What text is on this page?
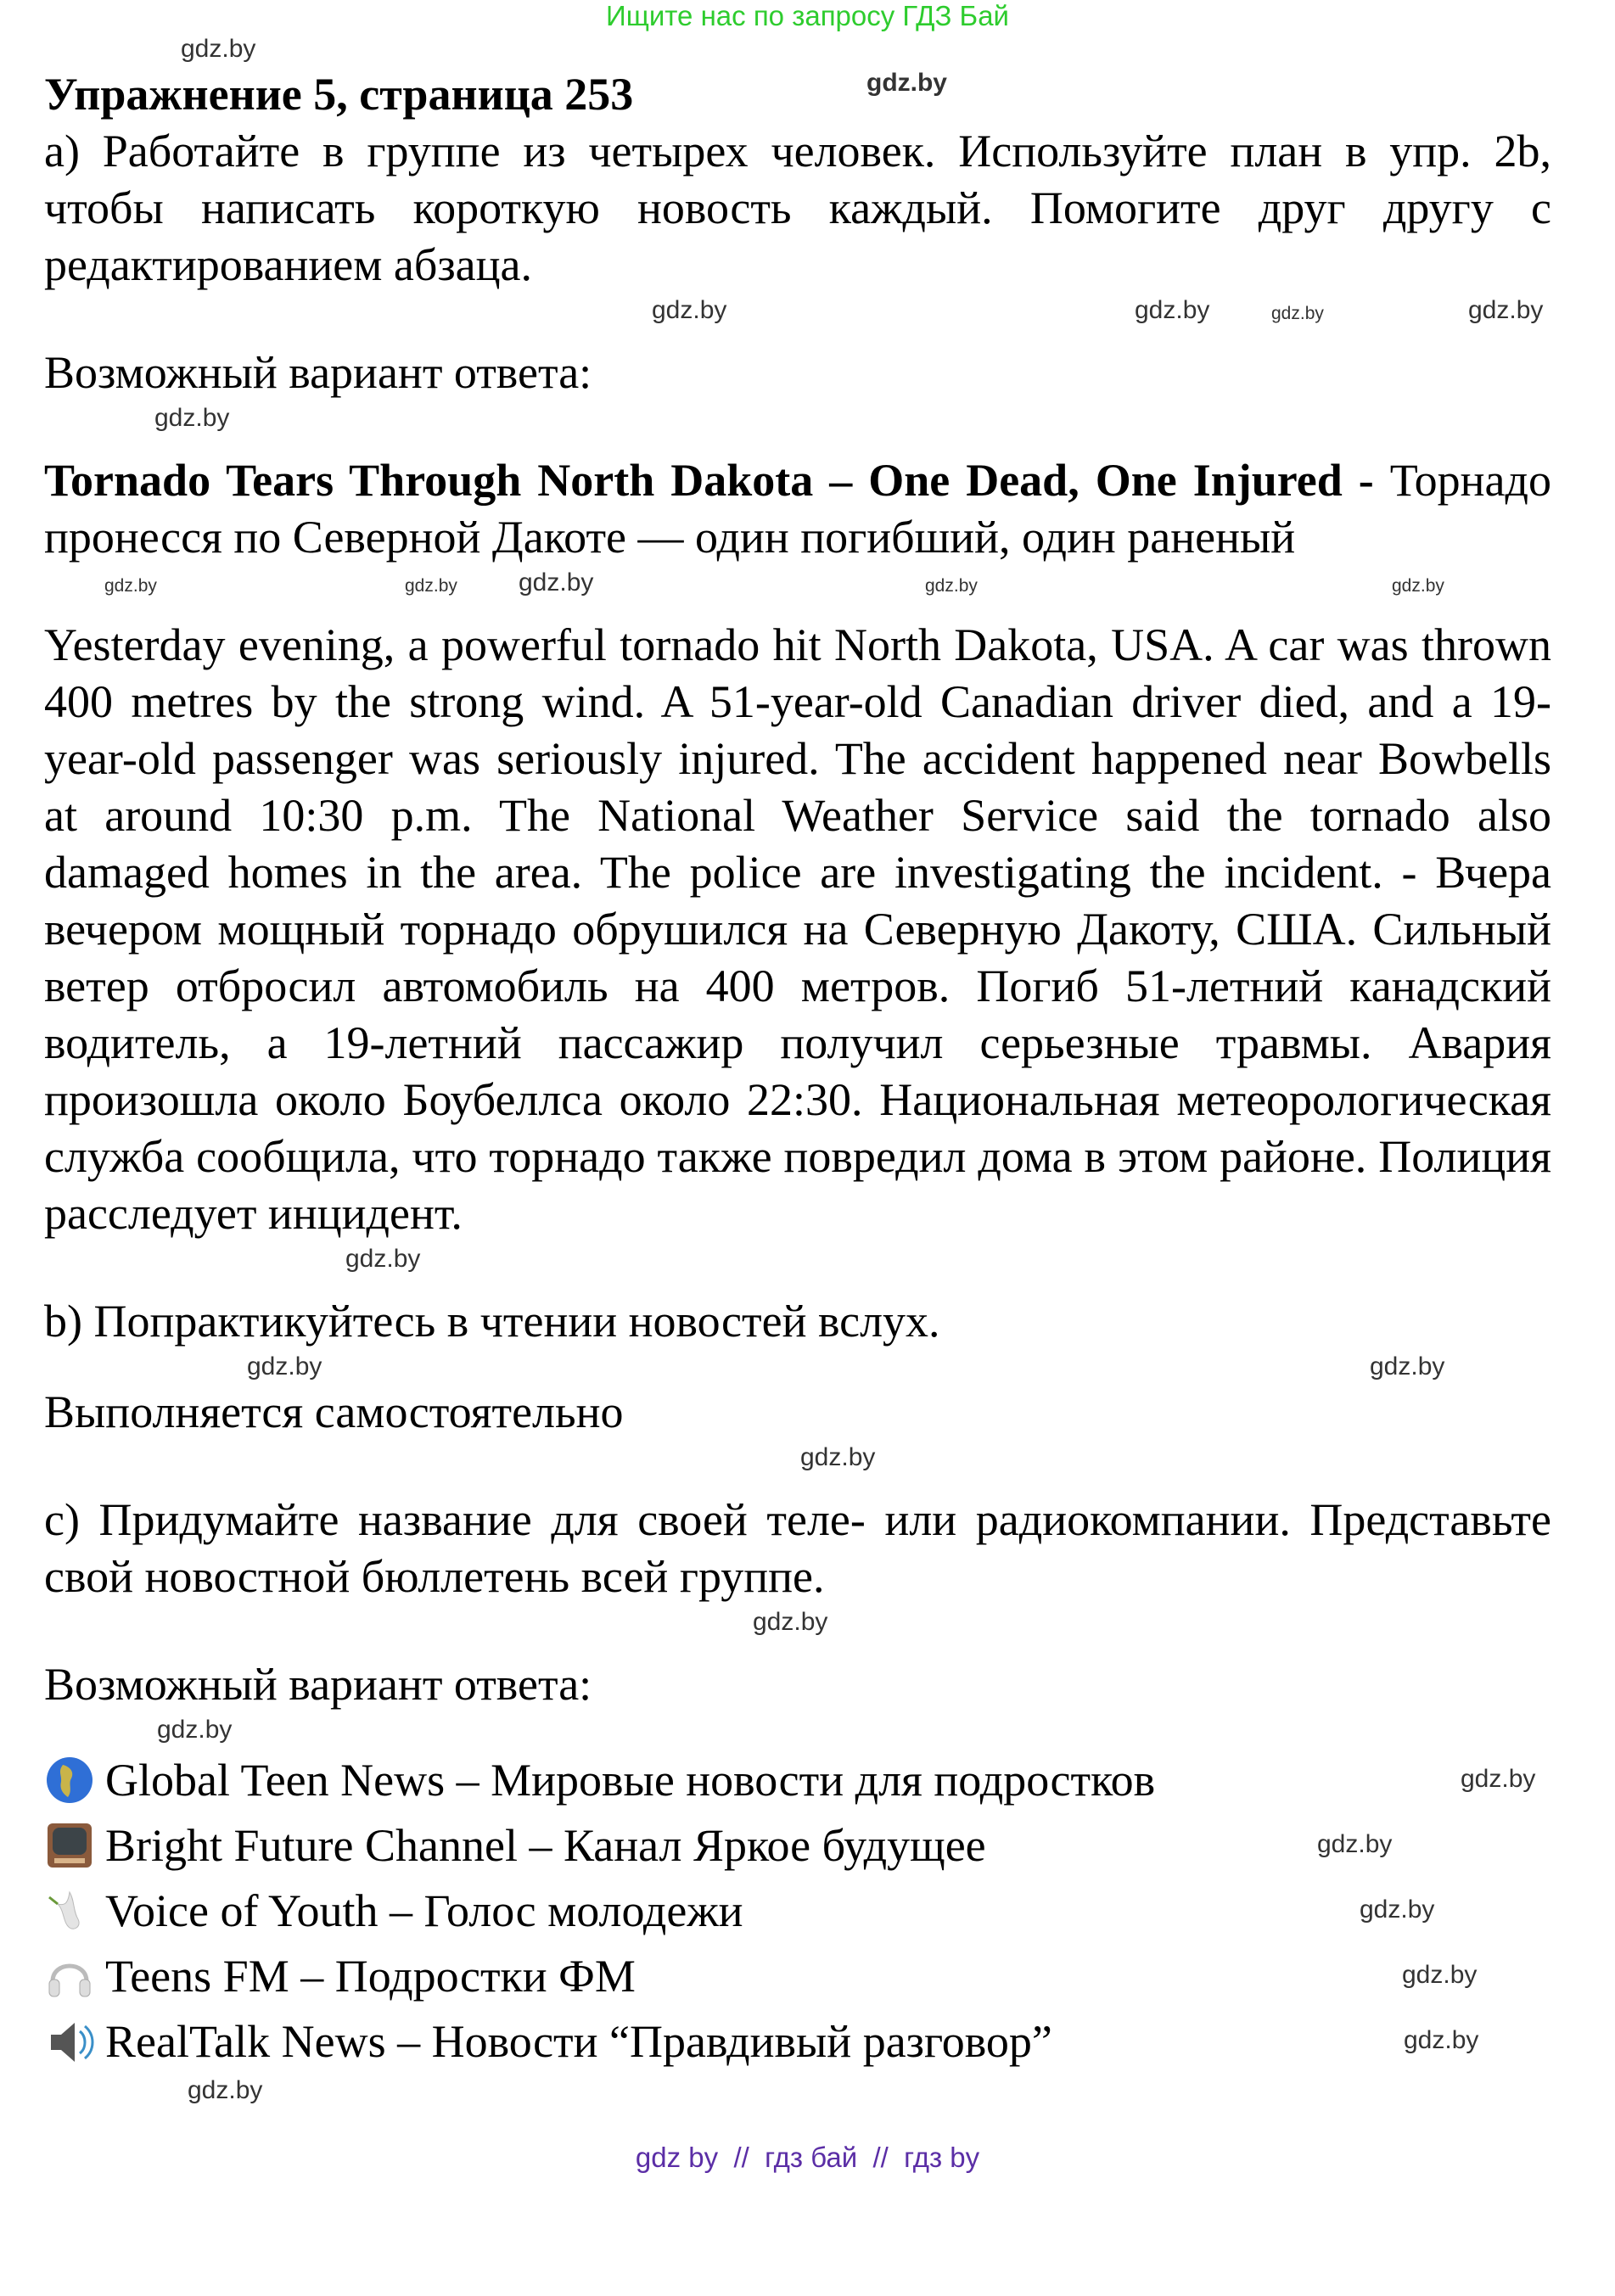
Ищите нас по запросу ГДЗ Бай
gdz.by
Упражнение 5, страница 253	gdz.by
а) Работайте в группе из четырех человек. Используйте план в упр. 2b, чтобы написать короткую новость каждый. Помогите друг другу с редактированием абзаца.
gdz.by	gdz.by	gdz.by	gdz.by
Возможный вариант ответа:
gdz.by
Tornado Tears Through North Dakota – One Dead, One Injured - Торнадо пронесся по Северной Дакоте — один погибший, один раненый
gdz.by	gdz.by gdz.by	gdz.by	gdz.by
Yesterday evening, a powerful tornado hit North Dakota, USA. A car was thrown 400 metres by the strong wind. A 51-year-old Canadian driver died, and a 19-year-old passenger was seriously injured. The accident happened near Bowbells at around 10:30 p.m. The National Weather Service said the tornado also damaged homes in the area. The police are investigating the incident. - Вчера вечером мощный торнадо обрушился на Северную Дакоту, США. Сильный ветер отбросил автомобиль на 400 метров. Погиб 51-летний канадский водитель, а 19-летний пассажир получил серьезные травмы. Авария произошла около Боубеллса около 22:30. Национальная метеорологическая служба сообщила, что торнадо также повредил дома в этом районе. Полиция расследует инцидент.
gdz.by
b) Попрактикуйтесь в чтении новостей вслух.
gdz.by	gdz.by
Выполняется самостоятельно
gdz.by
c) Придумайте название для своей теле- или радиокомпании. Представьте свой новостной бюллетень всей группе.
gdz.by
Возможный вариант ответа:
gdz.by
Global Teen News – Мировые новости для подростков	gdz.by
Bright Future Channel – Канал Яркое будущее	gdz.by
Voice of Youth – Голос молодежи	gdz.by
Teens FM – Подростки ФМ	gdz.by
RealTalk News – Новости “Правдивый разговор”	gdz.by
gdz.by
gdz by  //  гдз бай  //  гдз by
